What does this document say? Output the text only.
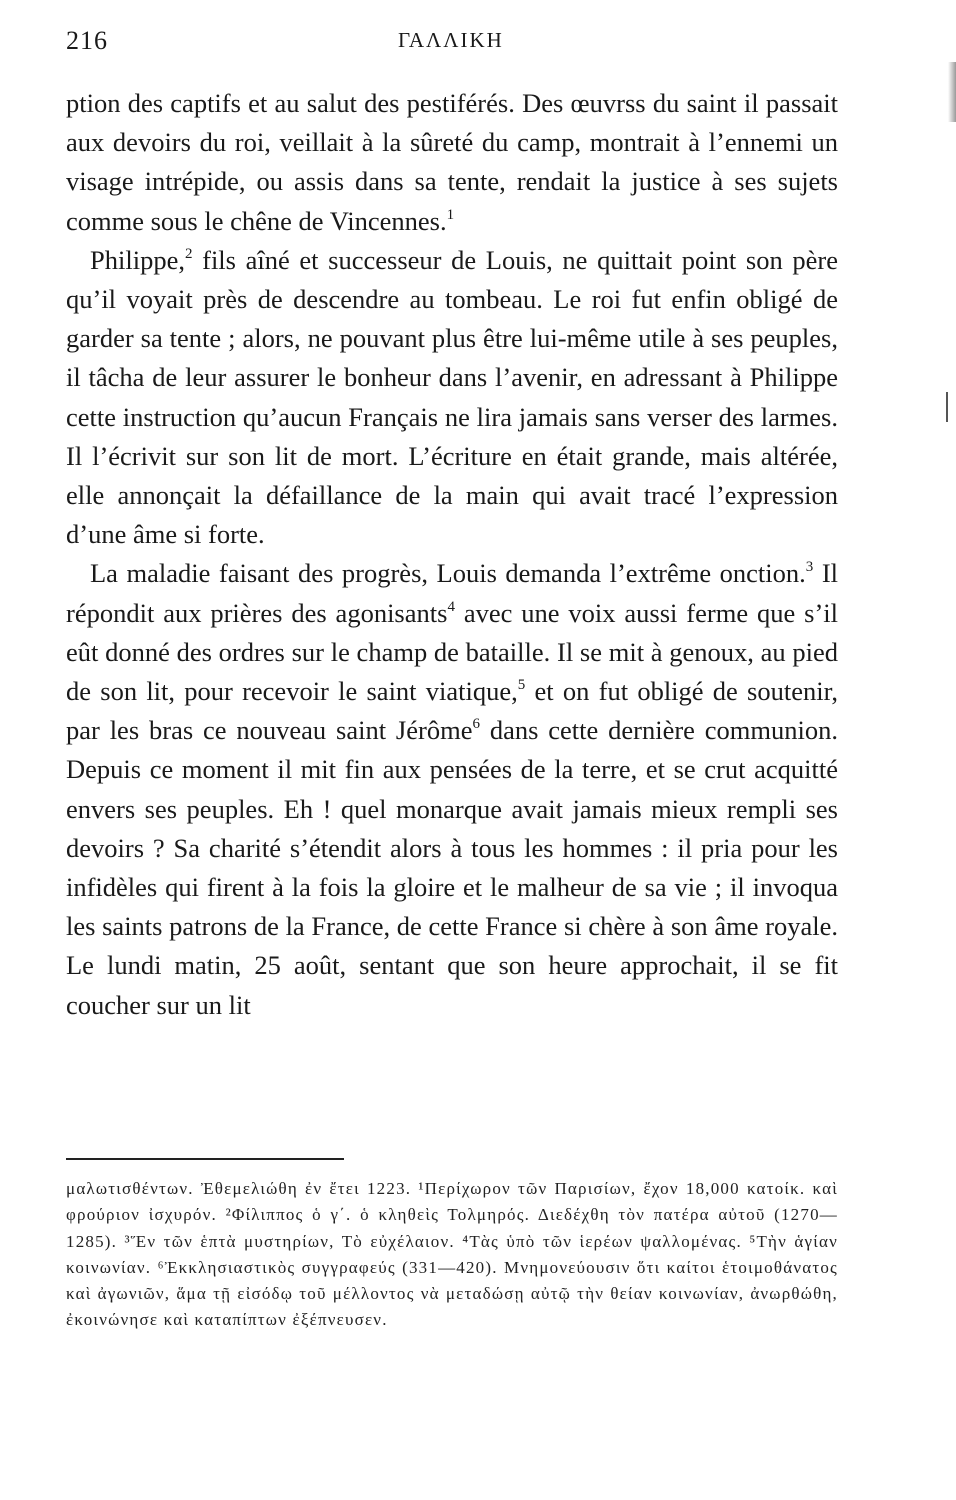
216	ΓΑΛΛΙΚΗ

ption des captifs et au salut des pestiférés. Des œuvrss du saint il passait aux devoirs du roi, veillait à la sûreté du camp, montrait à l’ennemi un visage intrépide, ou assis dans sa tente, rendait la justice à ses sujets comme sous le chêne de Vincennes.$^1$

Philippe,$^2$ fils aîné et successeur de Louis, ne quittait point son père qu’il voyait près de descendre au tombeau. Le roi fut enfin obligé de garder sa tente ; alors, ne pouvant plus être lui-même utile à ses peuples, il tâcha de leur assurer le bonheur dans l’avenir, en adressant à Philippe cette instruction qu’aucun Français ne lira jamais sans verser des larmes. Il l’écrivit sur son lit de mort. L’écriture en était grande, mais altérée, elle annonçait la défaillance de la main qui avait tracé l’expression d’une âme si forte.

La maladie faisant des progrès, Louis demanda l’extrême onction.$^3$ Il répondit aux prières des agonisants$^4$ avec une voix aussi ferme que s’il eût donné des ordres sur le champ de bataille. Il se mit à genoux, au pied de son lit, pour recevoir le saint viatique,$^5$ et on fut obligé de soutenir, par les bras ce nouveau saint Jérôme$^6$ dans cette dernière communion. Depuis ce moment il mit fin aux pensées de la terre, et se crut acquitté envers ses peuples. Eh ! quel monarque avait jamais mieux rempli ses devoirs ? Sa charité s’étendit alors à tous les hommes : il pria pour les infidèles qui firent à la fois la gloire et le malheur de sa vie ; il invoqua les saints patrons de la France, de cette France si chère à son âme royale. Le lundi matin, 25 août, sentant que son heure approchait, il se fit coucher sur un lit

μαλωτισθέντων. Ἐθεμελιώθη ἐν ἔτει 1223. ¹Περίχωρον τῶν Παρισίων, ἔχον 18,000 κατοίκ. καὶ φρούριον ἰσχυρόν. ²Φίλιππος ὁ γ΄. ὁ κληθεὶς Τολμηρός. Διεδέχθη τὸν πατέρα αὐτοῦ (1270—1285). ³Ἕν τῶν ἑπτὰ μυστηρίων, Τὸ εὐχέλαιον. ⁴Τὰς ὑπὸ τῶν ἱερέων ψαλλομένας. ⁵Τὴν ἁγίαν κοινωνίαν. ⁶Ἐκκλησιαστικὸς συγγραφεύς (331—420). Μνημονεύουσιν ὅτι καίτοι ἑτοιμοθάνατος καὶ ἀγωνιῶν, ἅμα τῇ εἰσόδῳ τοῦ μέλλοντος νὰ μεταδώσῃ αὐτῷ τὴν θείαν κοινωνίαν, ἀνωρθώθη, ἐκοινώνησε καὶ καταπίπτων ἐξέπνευσεν.
